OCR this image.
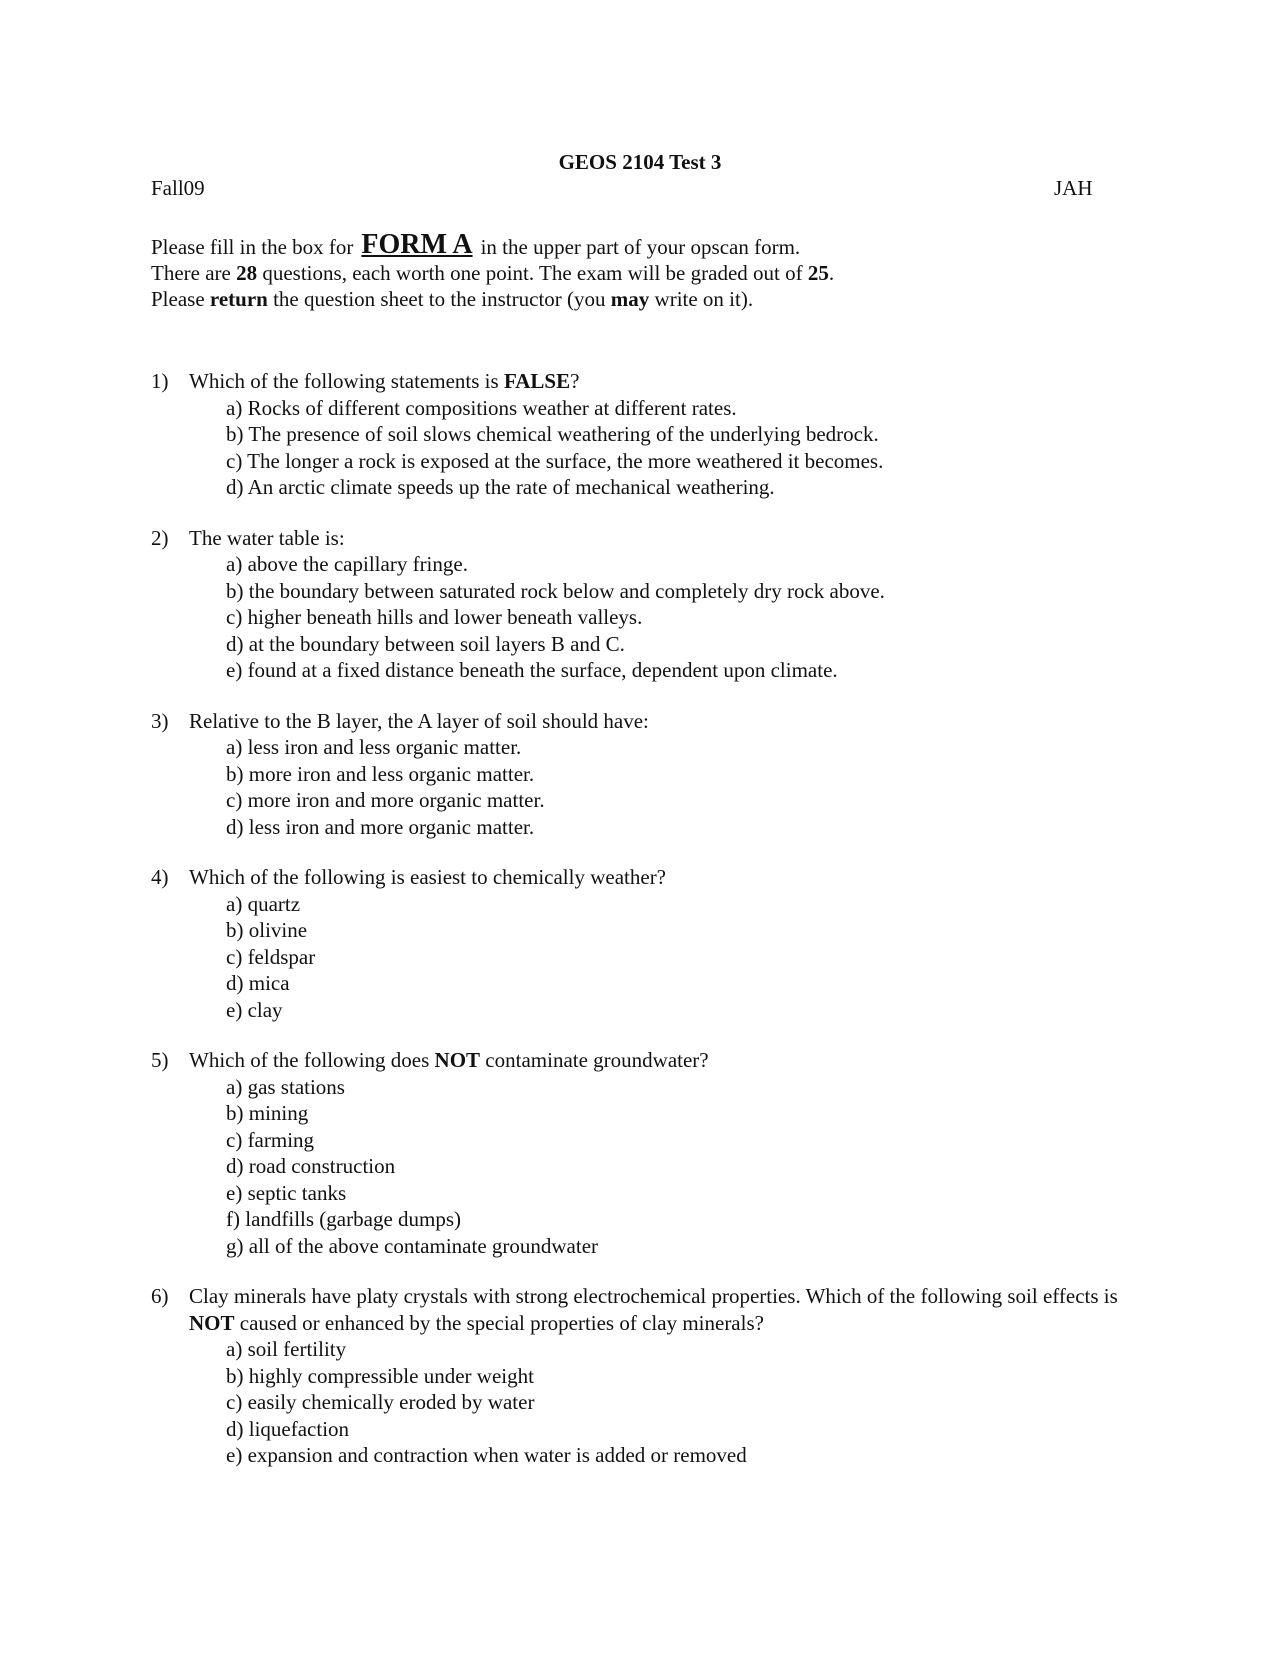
GEOS 2104 Test 3
Fall09	JAH
Please fill in the box for FORM A in the upper part of your opscan form.
There are 28 questions, each worth one point. The exam will be graded out of 25.
Please return the question sheet to the instructor (you may write on it).
1) Which of the following statements is FALSE?
a) Rocks of different compositions weather at different rates.
b) The presence of soil slows chemical weathering of the underlying bedrock.
c) The longer a rock is exposed at the surface, the more weathered it becomes.
d) An arctic climate speeds up the rate of mechanical weathering.
2) The water table is:
a) above the capillary fringe.
b) the boundary between saturated rock below and completely dry rock above.
c) higher beneath hills and lower beneath valleys.
d) at the boundary between soil layers B and C.
e) found at a fixed distance beneath the surface, dependent upon climate.
3) Relative to the B layer, the A layer of soil should have:
a) less iron and less organic matter.
b) more iron and less organic matter.
c) more iron and more organic matter.
d) less iron and more organic matter.
4) Which of the following is easiest to chemically weather?
a) quartz
b) olivine
c) feldspar
d) mica
e) clay
5) Which of the following does NOT contaminate groundwater?
a) gas stations
b) mining
c) farming
d) road construction
e) septic tanks
f) landfills (garbage dumps)
g) all of the above contaminate groundwater
6) Clay minerals have platy crystals with strong electrochemical properties. Which of the following soil effects is NOT caused or enhanced by the special properties of clay minerals?
a) soil fertility
b) highly compressible under weight
c) easily chemically eroded by water
d) liquefaction
e) expansion and contraction when water is added or removed
